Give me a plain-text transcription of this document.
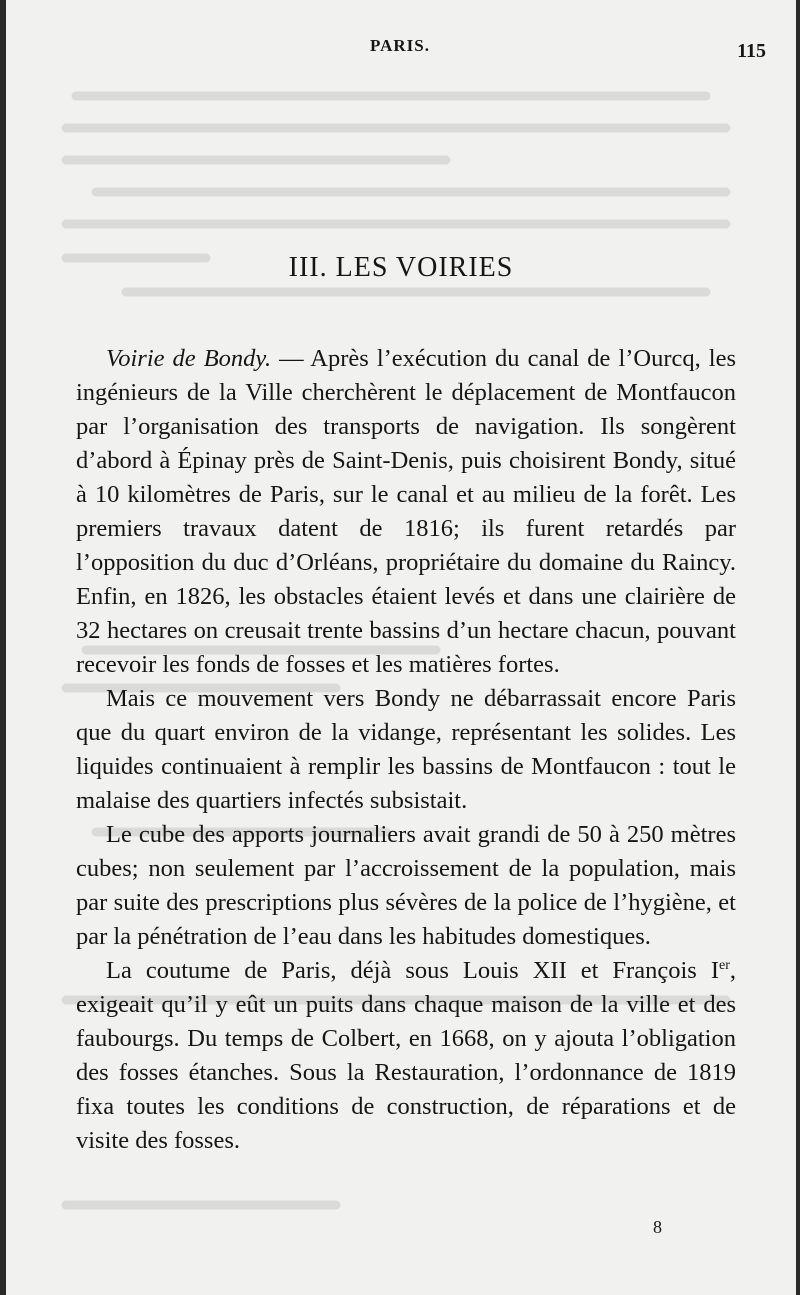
PARIS.	115
III. LES VOIRIES

Voirie de Bondy. — Après l’exécution du canal de l’Ourcq, les ingénieurs de la Ville cherchèrent le déplacement de Montfaucon par l’organisation des transports de navigation. Ils songèrent d’abord à Épinay près de Saint-Denis, puis choisirent Bondy, situé à 10 kilomètres de Paris, sur le canal et au milieu de la forêt. Les premiers travaux datent de 1816; ils furent retardés par l’opposition du duc d’Orléans, propriétaire du domaine du Raincy. Enfin, en 1826, les obstacles étaient levés et dans une clairière de 32 hectares on creusait trente bassins d’un hectare chacun, pouvant recevoir les fonds de fosses et les matières fortes.

Mais ce mouvement vers Bondy ne débarrassait encore Paris que du quart environ de la vidange, représentant les solides. Les liquides continuaient à remplir les bassins de Montfaucon : tout le malaise des quartiers infectés subsistait.

Le cube des apports journaliers avait grandi de 50 à 250 mètres cubes; non seulement par l’accroissement de la population, mais par suite des prescriptions plus sévères de la police de l’hygiène, et par la pénétration de l’eau dans les habitudes domestiques.

La coutume de Paris, déjà sous Louis XII et François Ier, exigeait qu’il y eût un puits dans chaque maison de la ville et des faubourgs. Du temps de Colbert, en 1668, on y ajouta l’obligation des fosses étanches. Sous la Restauration, l’ordonnance de 1819 fixa toutes les conditions de construction, de réparations et de visite des fosses.

8
